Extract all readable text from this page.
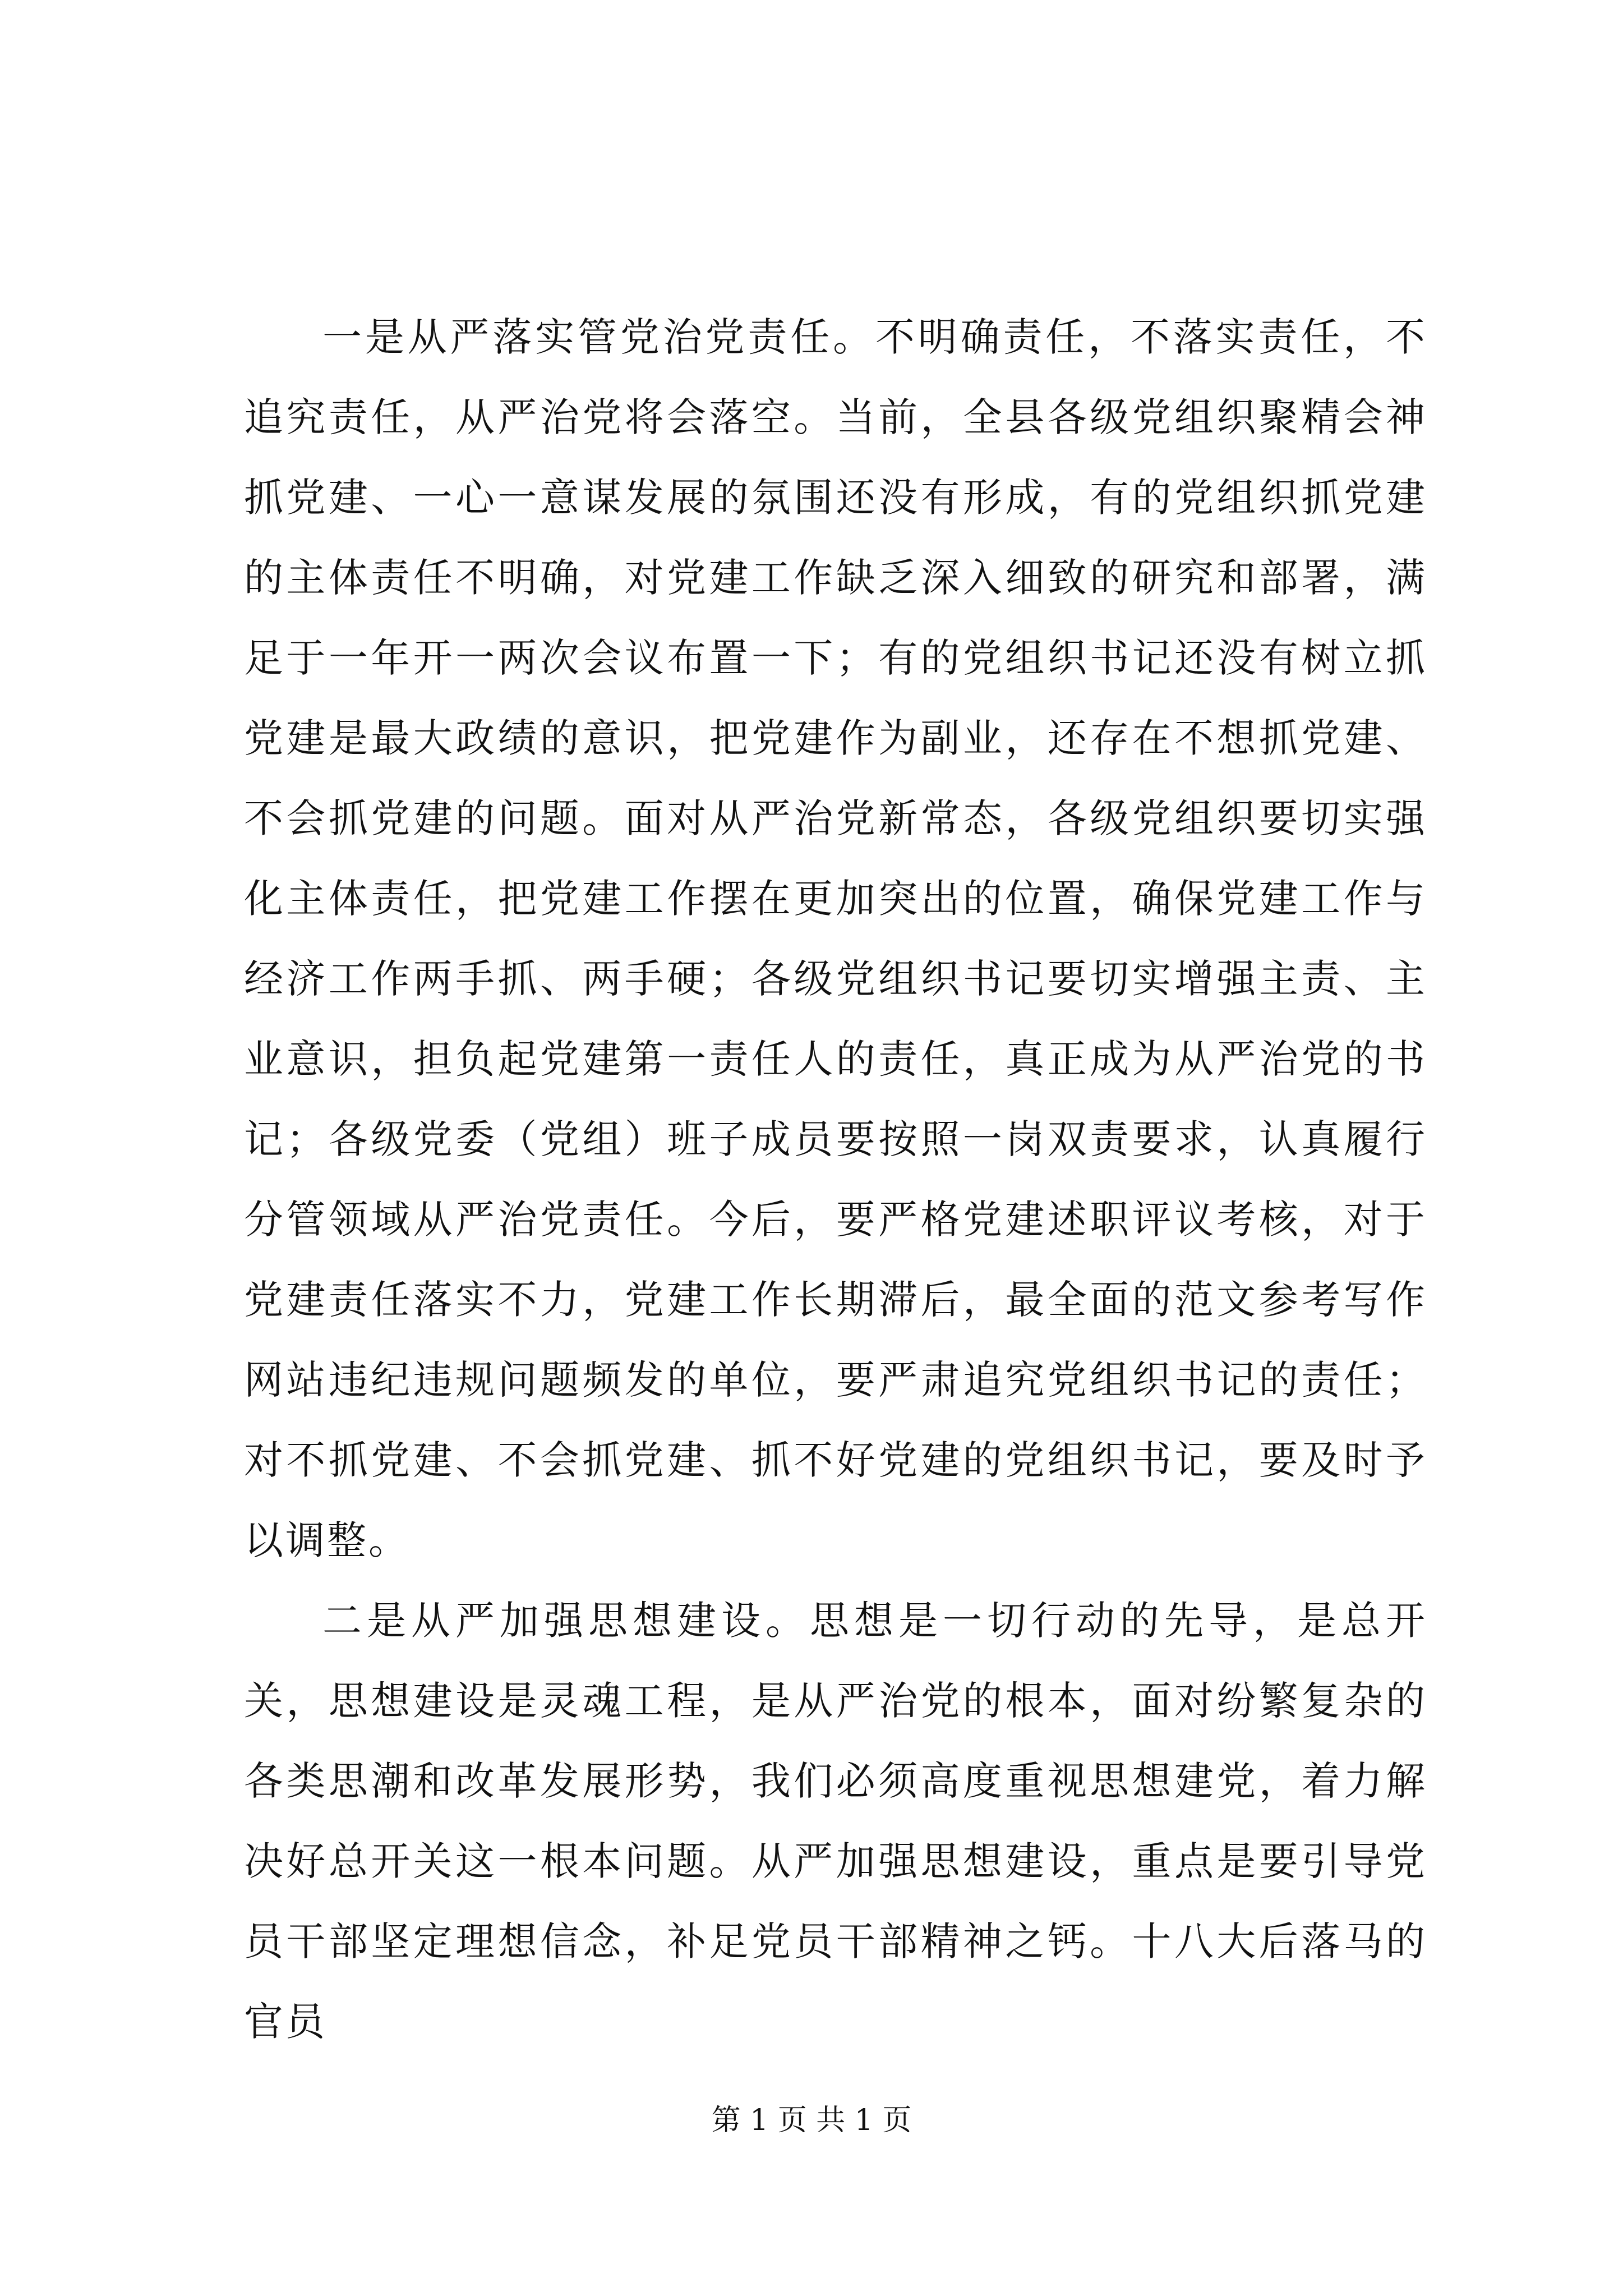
一是从严落实管党治党责任。不明确责任，不落实责任，不追究责任，从严治党将会落空。当前，全县各级党组织聚精会神抓党建、一心一意谋发展的氛围还没有形成，有的党组织抓党建的主体责任不明确，对党建工作缺乏深入细致的研究和部署，满足于一年开一两次会议布置一下；有的党组织书记还没有树立抓党建是最大政绩的意识，把党建作为副业，还存在不想抓党建、不会抓党建的问题。面对从严治党新常态，各级党组织要切实强化主体责任，把党建工作摆在更加突出的位置，确保党建工作与经济工作两手抓、两手硬；各级党组织书记要切实增强主责、主业意识，担负起党建第一责任人的责任，真正成为从严治党的书记；各级党委（党组）班子成员要按照一岗双责要求，认真履行分管领域从严治党责任。今后，要严格党建述职评议考核，对于党建责任落实不力，党建工作长期滞后，最全面的范文参考写作网站违纪违规问题频发的单位，要严肃追究党组织书记的责任；对不抓党建、不会抓党建、抓不好党建的党组织书记，要及时予以调整。

二是从严加强思想建设。思想是一切行动的先导，是总开关，思想建设是灵魂工程，是从严治党的根本，面对纷繁复杂的各类思潮和改革发展形势，我们必须高度重视思想建党，着力解决好总开关这一根本问题。从严加强思想建设，重点是要引导党员干部坚定理想信念，补足党员干部精神之钙。十八大后落马的官员

第 1 页 共 1 页
